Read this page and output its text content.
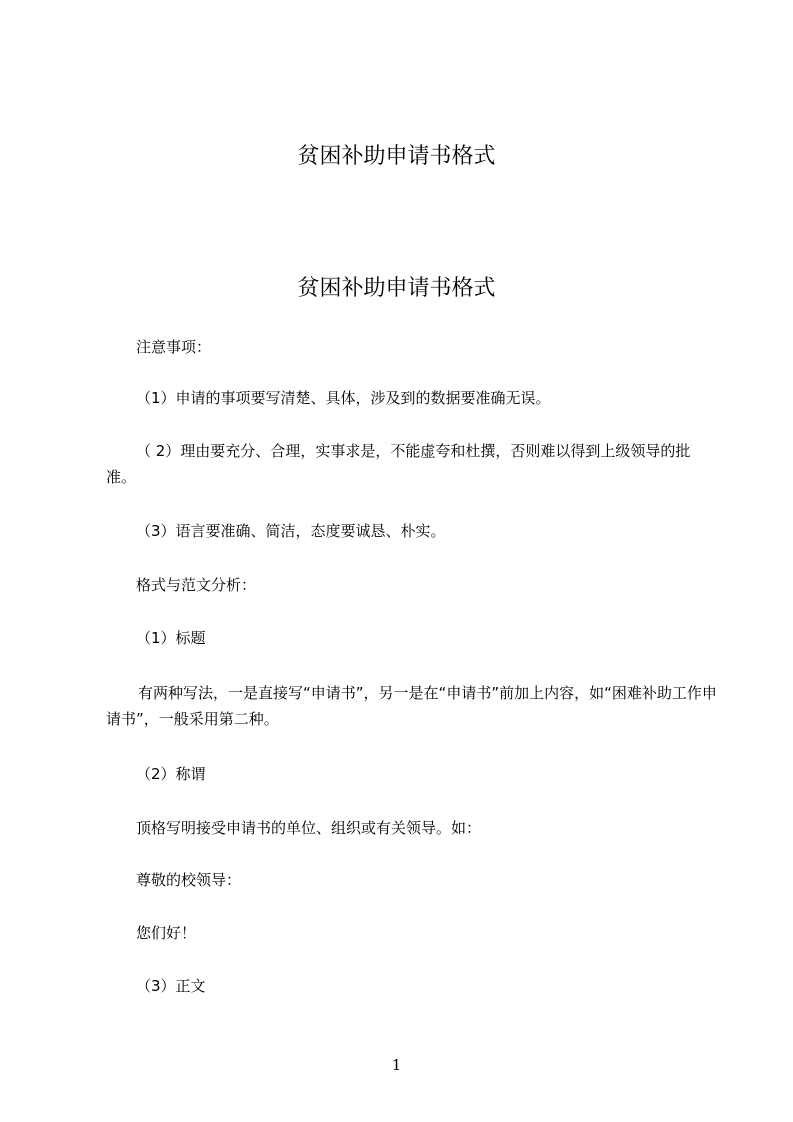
贫困补助申请书格式
贫困补助申请书格式

注意事项：

（1）申请的事项要写清楚、具体，涉及到的数据要准确无误。

（ 2）理由要充分、合理，实事求是，不能虚夸和杜撰，否则难以得到上级领导的批准。

（3）语言要准确、简洁，态度要诚恳、朴实。

格式与范文分析：

（1）标题

有两种写法，一是直接写“申请书”，另一是在“申请书”前加上内容，如“困难补助工作申请书”，一般采用第二种。

（2）称谓

顶格写明接受申请书的单位、组织或有关领导。如：

尊敬的校领导：

您们好！

（3）正文

1
